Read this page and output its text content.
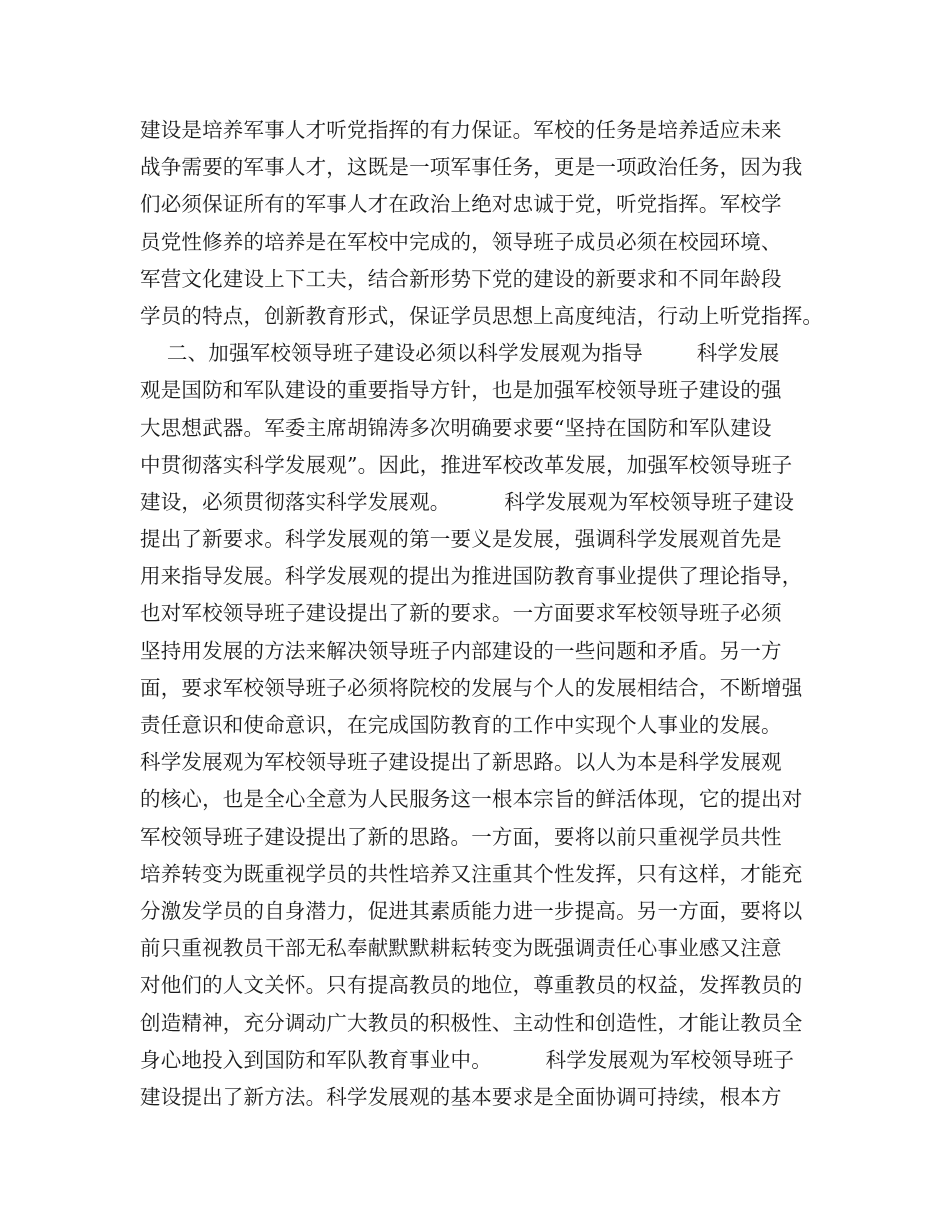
建设是培养军事人才听党指挥的有力保证。军校的任务是培养适应未来
战争需要的军事人才，这既是一项军事任务，更是一项政治任务，因为我
们必须保证所有的军事人才在政治上绝对忠诚于党，听党指挥。军校学
员党性修养的培养是在军校中完成的，领导班子成员必须在校园环境、
军营文化建设上下工夫，结合新形势下党的建设的新要求和不同年龄段
学员的特点，创新教育形式，保证学员思想上高度纯洁，行动上听党指挥。
二、加强军校领导班子建设必须以科学发展观为指导        科学发展
观是国防和军队建设的重要指导方针，也是加强军校领导班子建设的强
大思想武器。军委主席胡锦涛多次明确要求要“坚持在国防和军队建设
中贯彻落实科学发展观”。因此，推进军校改革发展，加强军校领导班子
建设，必须贯彻落实科学发展观。        科学发展观为军校领导班子建设
提出了新要求。科学发展观的第一要义是发展，强调科学发展观首先是
用来指导发展。科学发展观的提出为推进国防教育事业提供了理论指导，
也对军校领导班子建设提出了新的要求。一方面要求军校领导班子必须
坚持用发展的方法来解决领导班子内部建设的一些问题和矛盾。另一方
面，要求军校领导班子必须将院校的发展与个人的发展相结合，不断增强
责任意识和使命意识，在完成国防教育的工作中实现个人事业的发展。
科学发展观为军校领导班子建设提出了新思路。以人为本是科学发展观
的核心，也是全心全意为人民服务这一根本宗旨的鲜活体现，它的提出对
军校领导班子建设提出了新的思路。一方面，要将以前只重视学员共性
培养转变为既重视学员的共性培养又注重其个性发挥，只有这样，才能充
分激发学员的自身潜力，促进其素质能力进一步提高。另一方面，要将以
前只重视教员干部无私奉献默默耕耘转变为既强调责任心事业感又注意
对他们的人文关怀。只有提高教员的地位，尊重教员的权益，发挥教员的
创造精神，充分调动广大教员的积极性、主动性和创造性，才能让教员全
身心地投入到国防和军队教育事业中。        科学发展观为军校领导班子
建设提出了新方法。科学发展观的基本要求是全面协调可持续，根本方
